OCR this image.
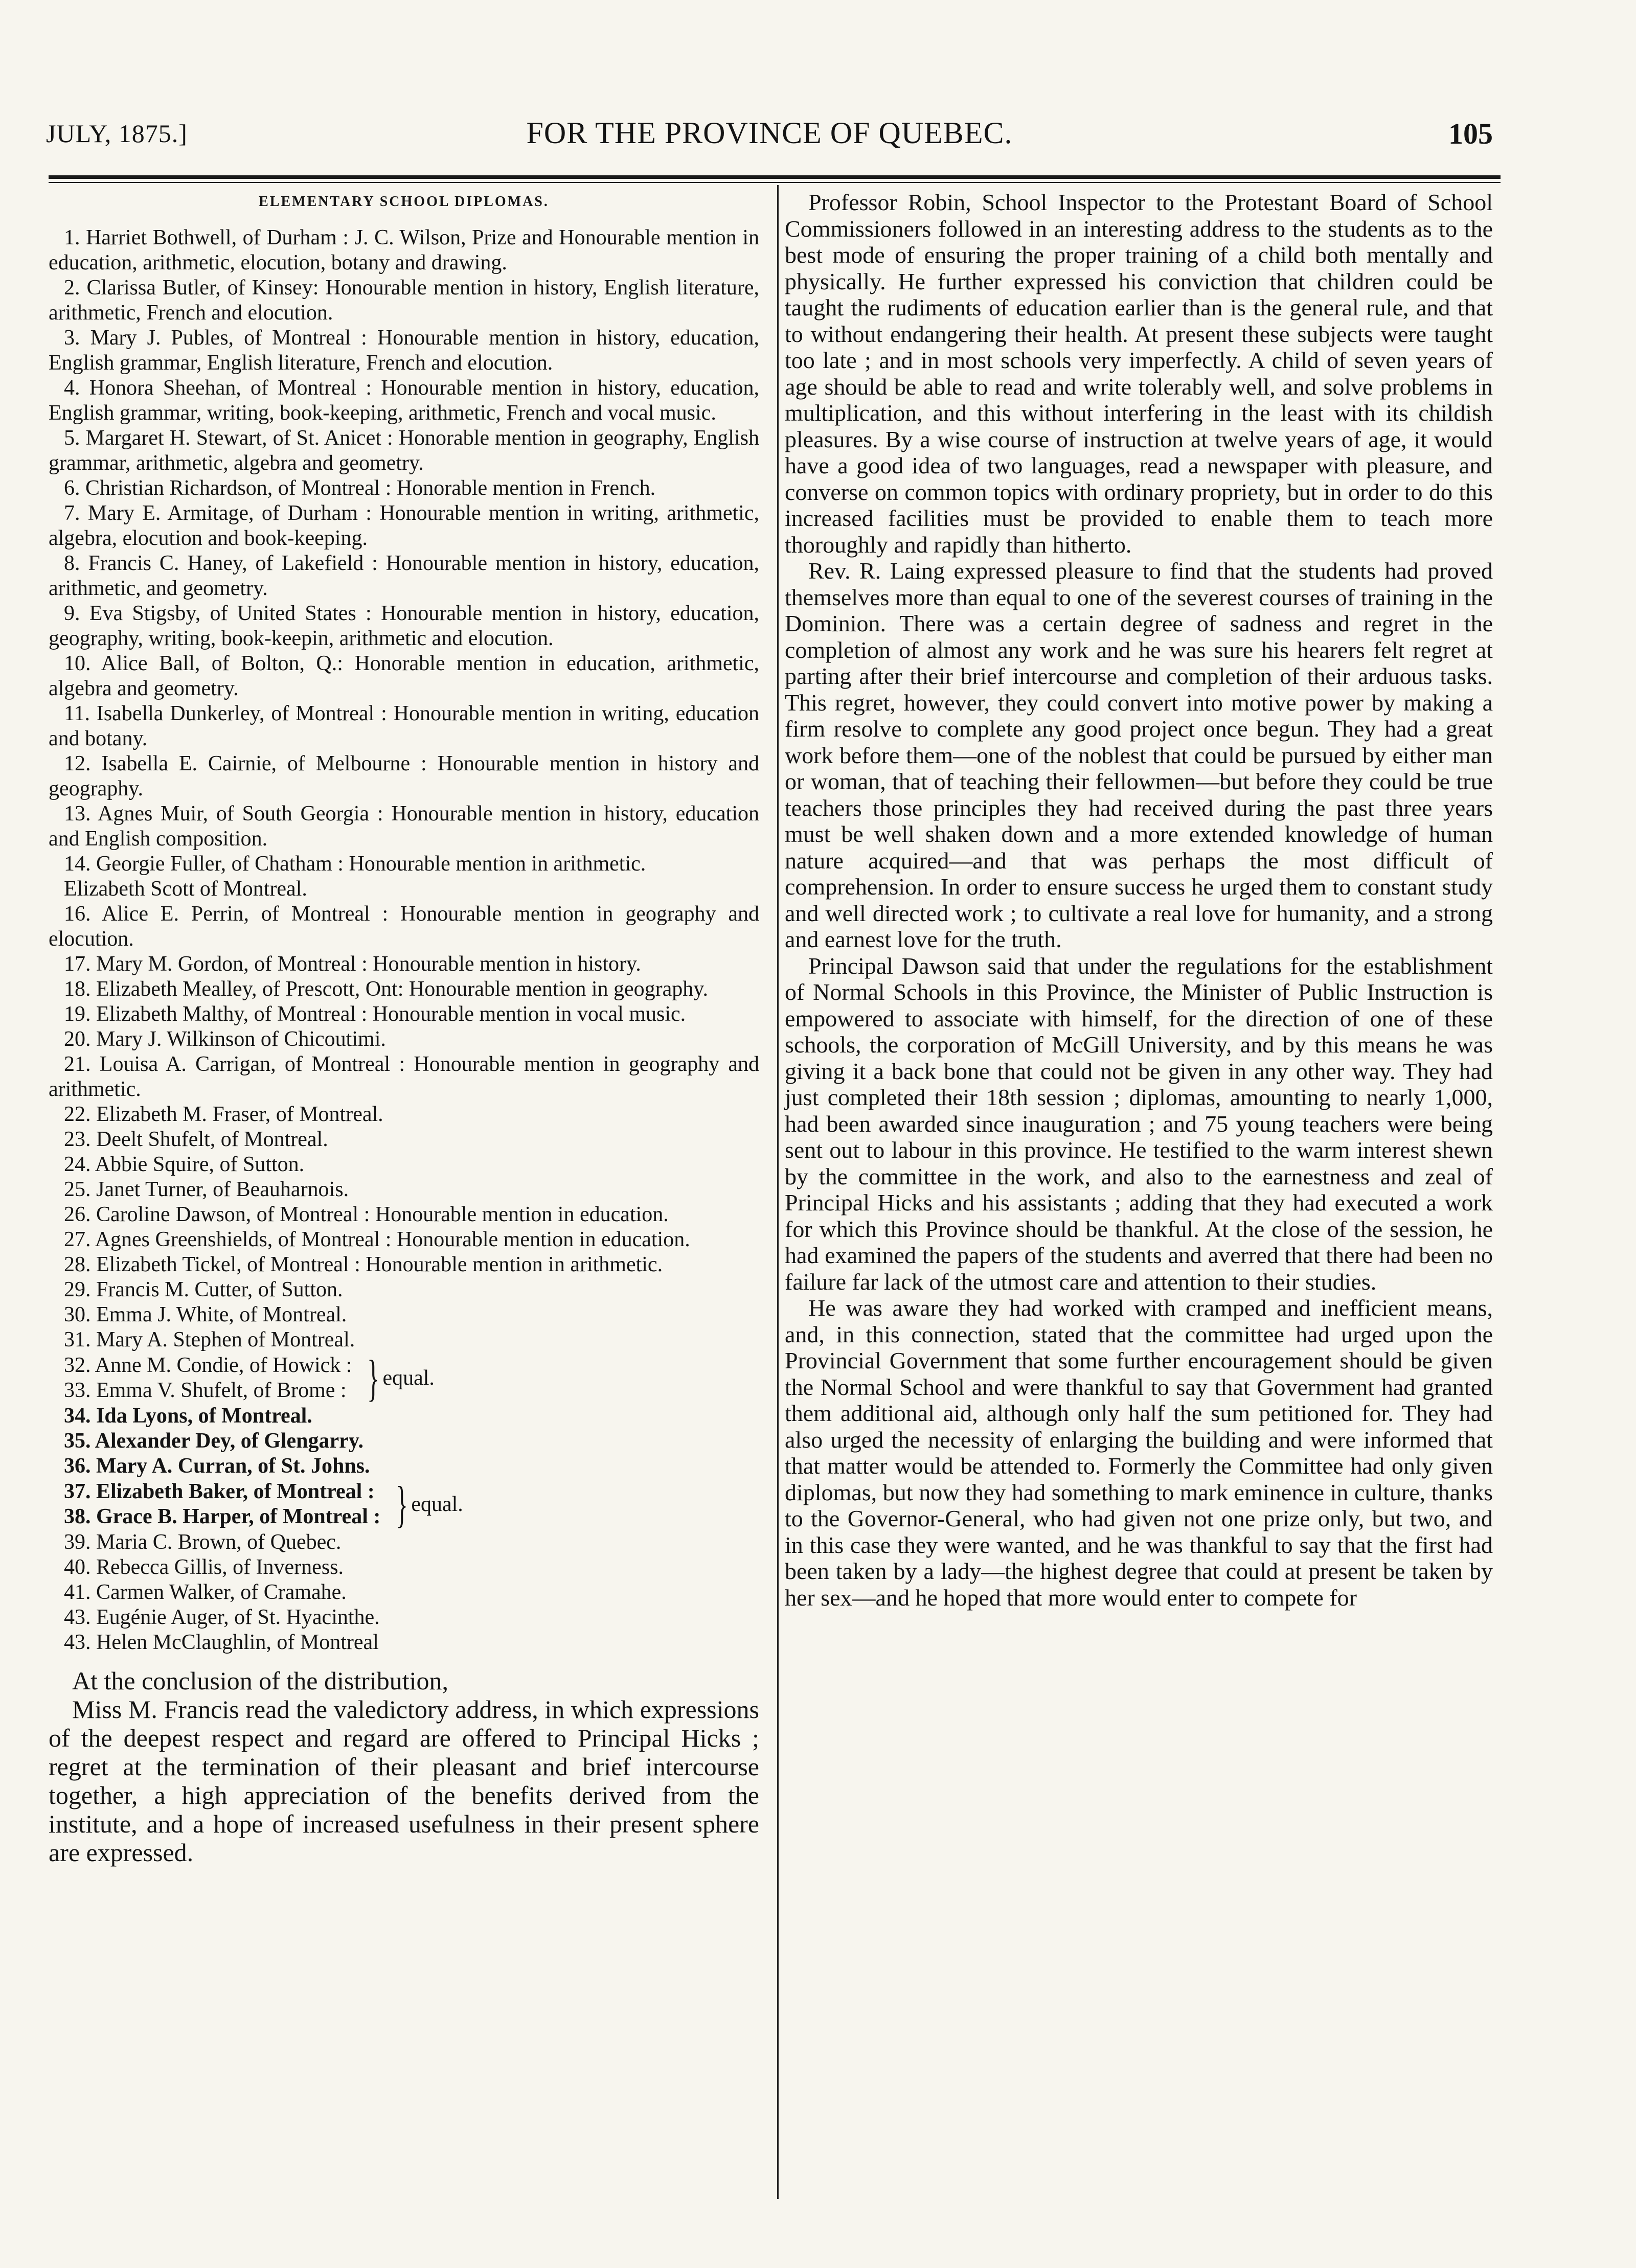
JULY, 1875.]	FOR THE PROVINCE OF QUEBEC.	105
ELEMENTARY SCHOOL DIPLOMAS.

1. Harriet Bothwell, of Durham : J. C. Wilson, Prize and Honourable mention in education, arithmetic, elocution, botany and drawing.

2. Clarissa Butler, of Kinsey: Honourable mention in history, English literature, arithmetic, French and elocution.

3. Mary J. Publes, of Montreal : Honourable mention in history, education, English grammar, English literature, French and elocution.

4. Honora Sheehan, of Montreal : Honourable mention in history, education, English grammar, writing, book-keeping, arithmetic, French and vocal music.

5. Margaret H. Stewart, of St. Anicet : Honorable mention in geography, English grammar, arithmetic, algebra and geometry.

6. Christian Richardson, of Montreal : Honorable mention in French.

7. Mary E. Armitage, of Durham : Honourable mention in writing, arithmetic, algebra, elocution and book-keeping.

8. Francis C. Haney, of Lakefield : Honourable mention in history, education, arithmetic, and geometry.

9. Eva Stigsby, of United States : Honourable mention in history, education, geography, writing, book-keepin, arithmetic and elocution.

10. Alice Ball, of Bolton, Q.: Honorable mention in education, arithmetic, algebra and geometry.

11. Isabella Dunkerley, of Montreal : Honourable mention in writing, education and botany.

12. Isabella E. Cairnie, of Melbourne : Honourable mention in history and geography.

13. Agnes Muir, of South Georgia : Honourable mention in history, education and English composition.

14. Georgie Fuller, of Chatham : Honourable mention in arithmetic.

Elizabeth Scott of Montreal.

16. Alice E. Perrin, of Montreal : Honourable mention in geography and elocution.

17. Mary M. Gordon, of Montreal : Honourable mention in history.

18. Elizabeth Mealley, of Prescott, Ont: Honourable mention in geography.

19. Elizabeth Malthy, of Montreal : Honourable mention in vocal music.

20. Mary J. Wilkinson of Chicoutimi.

21. Louisa A. Carrigan, of Montreal : Honourable mention in geography and arithmetic.

22. Elizabeth M. Fraser, of Montreal.

23. Deelt Shufelt, of Montreal.

24. Abbie Squire, of Sutton.

25. Janet Turner, of Beauharnois.

26. Caroline Dawson, of Montreal : Honourable mention in education.

27. Agnes Greenshields, of Montreal : Honourable mention in education.

28. Elizabeth Tickel, of Montreal : Honourable mention in arithmetic.

29. Francis M. Cutter, of Sutton.

30. Emma J. White, of Montreal.

31. Mary A. Stephen of Montreal.

32. Anne M. Condie, of Howick :

33. Emma V. Shufelt, of Brome : } equal.

34. Ida Lyons, of Montreal.

35. Alexander Dey, of Glengarry.

36. Mary A. Curran, of St. Johns.

37. Elizabeth Baker, of Montreal :

38. Grace B. Harper, of Montreal : } equal.

39. Maria C. Brown, of Quebec.

40. Rebecca Gillis, of Inverness.

41. Carmen Walker, of Cramahe.

43. Eugénie Auger, of St. Hyacinthe.

43. Helen McClaughlin, of Montreal

At the conclusion of the distribution,

Miss M. Francis read the valedictory address, in which expressions of the deepest respect and regard are offered to Principal Hicks ; regret at the termination of their pleasant and brief intercourse together, a high appreciation of the benefits derived from the institute, and a hope of increased usefulness in their present sphere are expressed.

Professor Robin, School Inspector to the Protestant Board of School Commissioners followed in an interesting address to the students as to the best mode of ensuring the proper training of a child both mentally and physically. He further expressed his conviction that children could be taught the rudiments of education earlier than is the general rule, and that to without endangering their health. At present these subjects were taught too late ; and in most schools very imperfectly. A child of seven years of age should be able to read and write tolerably well, and solve problems in multiplication, and this without interfering in the least with its childish pleasures. By a wise course of instruction at twelve years of age, it would have a good idea of two languages, read a newspaper with pleasure, and converse on common topics with ordinary propriety, but in order to do this increased facilities must be provided to enable them to teach more thoroughly and rapidly than hitherto.

Rev. R. Laing expressed pleasure to find that the students had proved themselves more than equal to one of the severest courses of training in the Dominion. There was a certain degree of sadness and regret in the completion of almost any work and he was sure his hearers felt regret at parting after their brief intercourse and completion of their arduous tasks. This regret, however, they could convert into motive power by making a firm resolve to complete any good project once begun. They had a great work before them—one of the noblest that could be pursued by either man or woman, that of teaching their fellowmen—but before they could be true teachers those principles they had received during the past three years must be well shaken down and a more extended knowledge of human nature acquired—and that was perhaps the most difficult of comprehension. In order to ensure success he urged them to constant study and well directed work ; to cultivate a real love for humanity, and a strong and earnest love for the truth.

Principal Dawson said that under the regulations for the establishment of Normal Schools in this Province, the Minister of Public Instruction is empowered to associate with himself, for the direction of one of these schools, the corporation of McGill University, and by this means he was giving it a back bone that could not be given in any other way. They had just completed their 18th session ; diplomas, amounting to nearly 1,000, had been awarded since inauguration ; and 75 young teachers were being sent out to labour in this province. He testified to the warm interest shewn by the committee in the work, and also to the earnestness and zeal of Principal Hicks and his assistants ; adding that they had executed a work for which this Province should be thankful. At the close of the session, he had examined the papers of the students and averred that there had been no failure far lack of the utmost care and attention to their studies.

He was aware they had worked with cramped and inefficient means, and, in this connection, stated that the committee had urged upon the Provincial Government that some further encouragement should be given the Normal School and were thankful to say that Government had granted them additional aid, although only half the sum petitioned for. They had also urged the necessity of enlarging the building and were informed that that matter would be attended to. Formerly the Committee had only given diplomas, but now they had something to mark eminence in culture, thanks to the Governor-General, who had given not one prize only, but two, and in this case they were wanted, and he was thankful to say that the first had been taken by a lady—the highest degree that could at present be taken by her sex—and he hoped that more would enter to compete for
